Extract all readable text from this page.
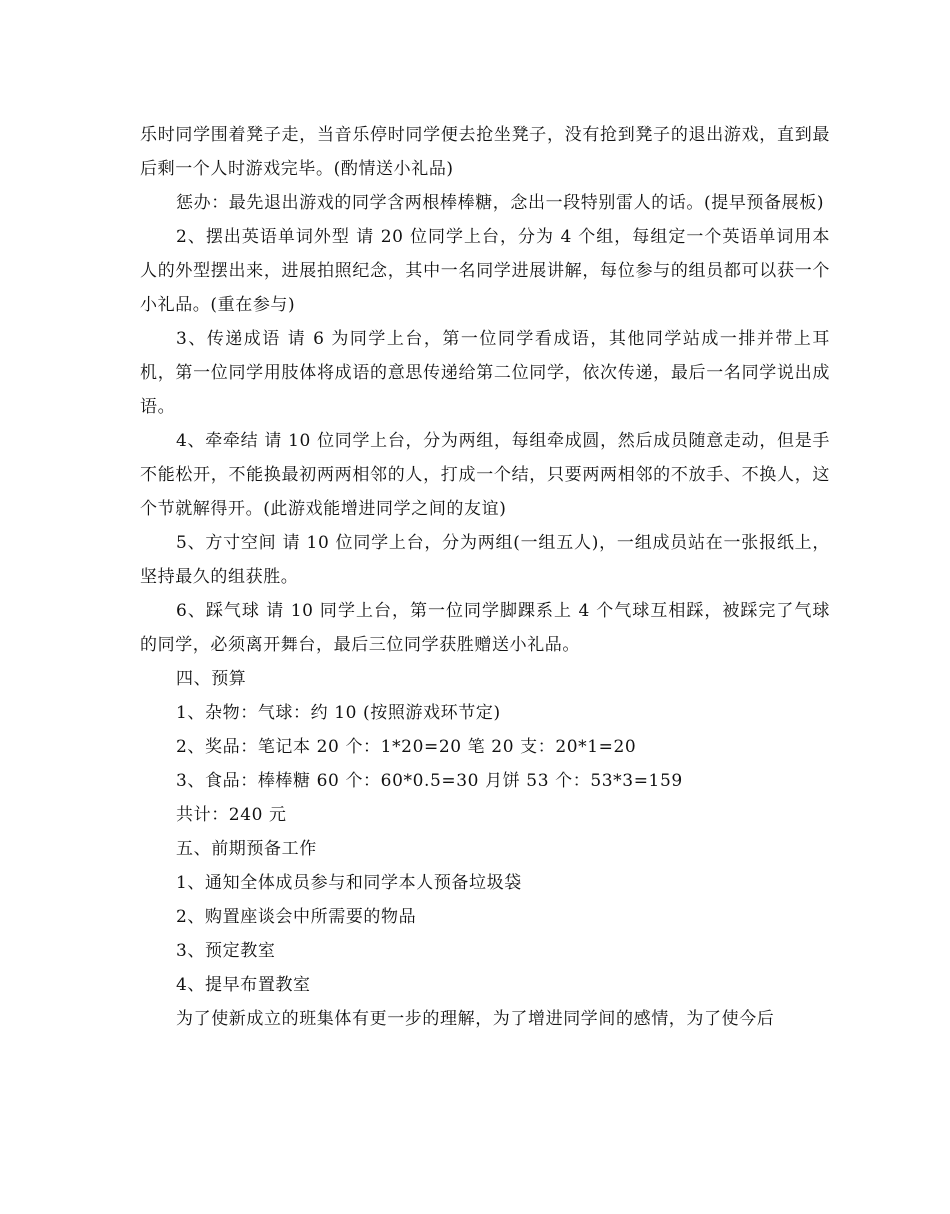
乐时同学围着凳子走，当音乐停时同学便去抢坐凳子，没有抢到凳子的退出游戏，直到最后剩一个人时游戏完毕。(酌情送小礼品)

惩办：最先退出游戏的同学含两根棒棒糖，念出一段特别雷人的话。(提早预备展板)

2、摆出英语单词外型 请 20 位同学上台，分为 4 个组，每组定一个英语单词用本人的外型摆出来，进展拍照纪念，其中一名同学进展讲解，每位参与的组员都可以获一个小礼品。(重在参与)

3、传递成语 请 6 为同学上台，第一位同学看成语，其他同学站成一排并带上耳机，第一位同学用肢体将成语的意思传递给第二位同学，依次传递，最后一名同学说出成语。

4、牵牵结 请 10 位同学上台，分为两组，每组牵成圆，然后成员随意走动，但是手不能松开，不能换最初两两相邻的人，打成一个结，只要两两相邻的不放手、不换人，这个节就解得开。(此游戏能增进同学之间的友谊)

5、方寸空间 请 10 位同学上台，分为两组(一组五人)，一组成员站在一张报纸上，坚持最久的组获胜。

6、踩气球 请 10 同学上台，第一位同学脚踝系上 4 个气球互相踩，被踩完了气球的同学，必须离开舞台，最后三位同学获胜赠送小礼品。

四、预算

1、杂物：气球：约 10 (按照游戏环节定)

2、奖品：笔记本 20 个：1*20=20 笔 20 支：20*1=20

3、食品：棒棒糖 60 个：60*0.5=30 月饼 53 个：53*3=159

共计：240 元

五、前期预备工作

1、通知全体成员参与和同学本人预备垃圾袋

2、购置座谈会中所需要的物品

3、预定教室

4、提早布置教室

为了使新成立的班集体有更一步的理解，为了增进同学间的感情，为了使今后
